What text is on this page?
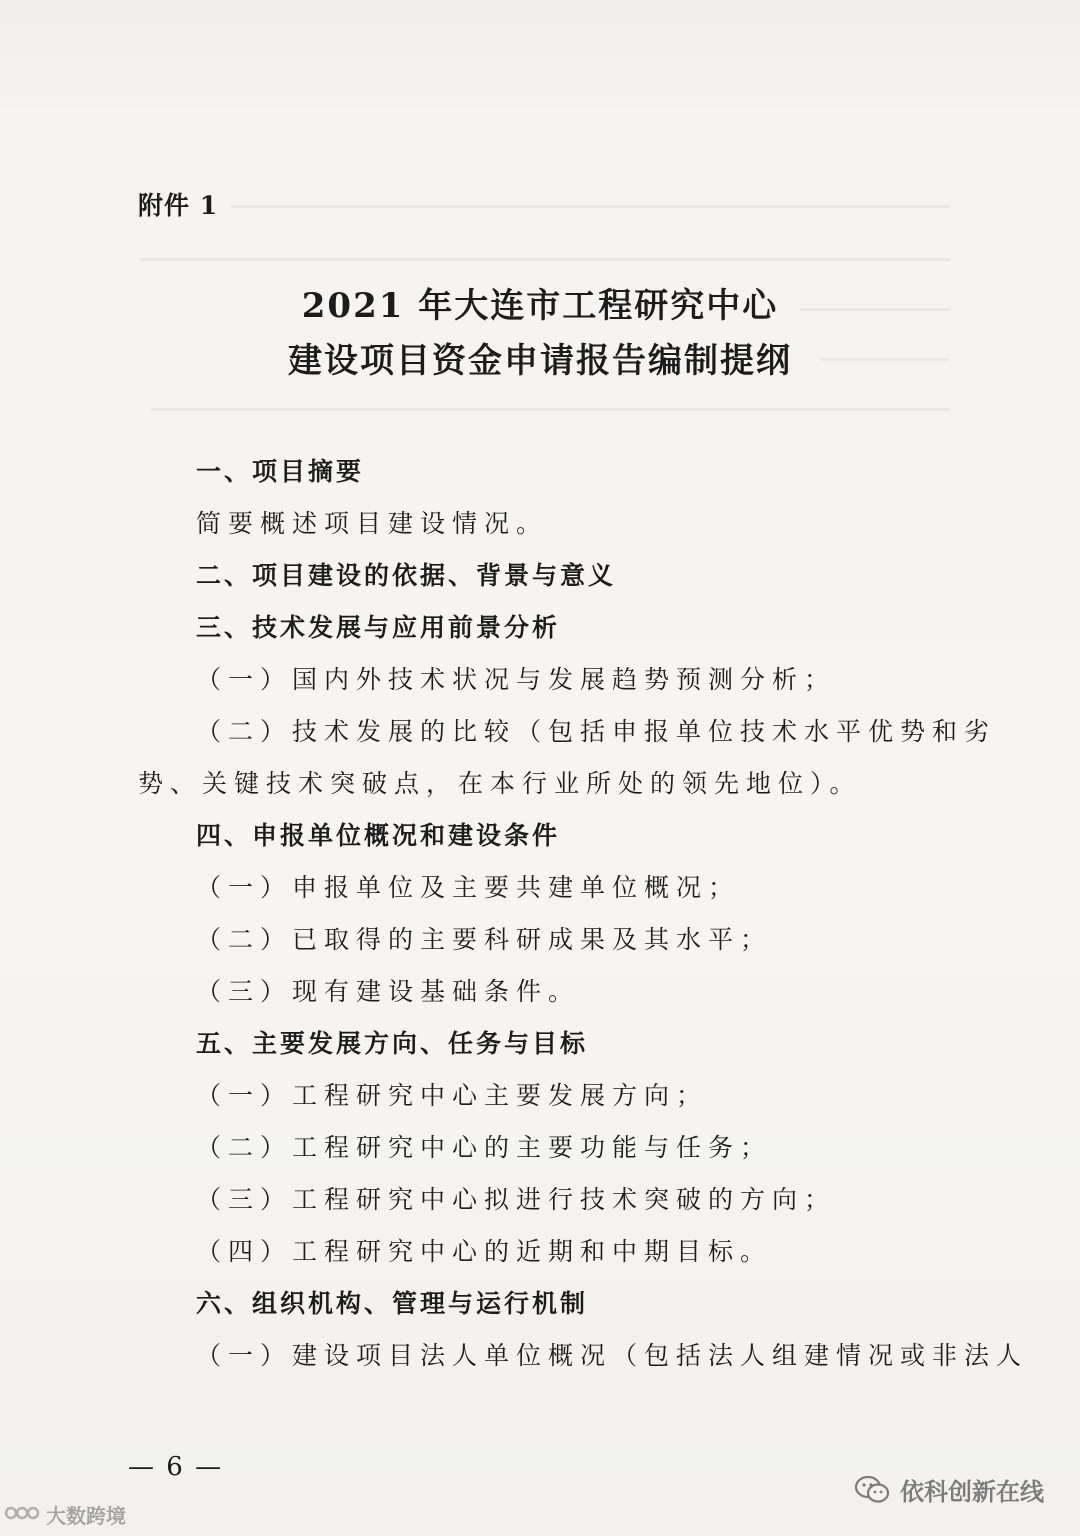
附件 1
2021 年大连市工程研究中心
建设项目资金申请报告编制提纲
一、项目摘要
简要概述项目建设情况。
二、项目建设的依据、背景与意义
三、技术发展与应用前景分析
（一）国内外技术状况与发展趋势预测分析；
（二）技术发展的比较（包括申报单位技术水平优势和劣
势、关键技术突破点，在本行业所处的领先地位）。
四、申报单位概况和建设条件
（一）申报单位及主要共建单位概况；
（二）已取得的主要科研成果及其水平；
（三）现有建设基础条件。
五、主要发展方向、任务与目标
（一）工程研究中心主要发展方向；
（二）工程研究中心的主要功能与任务；
（三）工程研究中心拟进行技术突破的方向；
（四）工程研究中心的近期和中期目标。
六、组织机构、管理与运行机制
（一）建设项目法人单位概况（包括法人组建情况或非法人
— 6 —
大数跨境
依科创新在线
